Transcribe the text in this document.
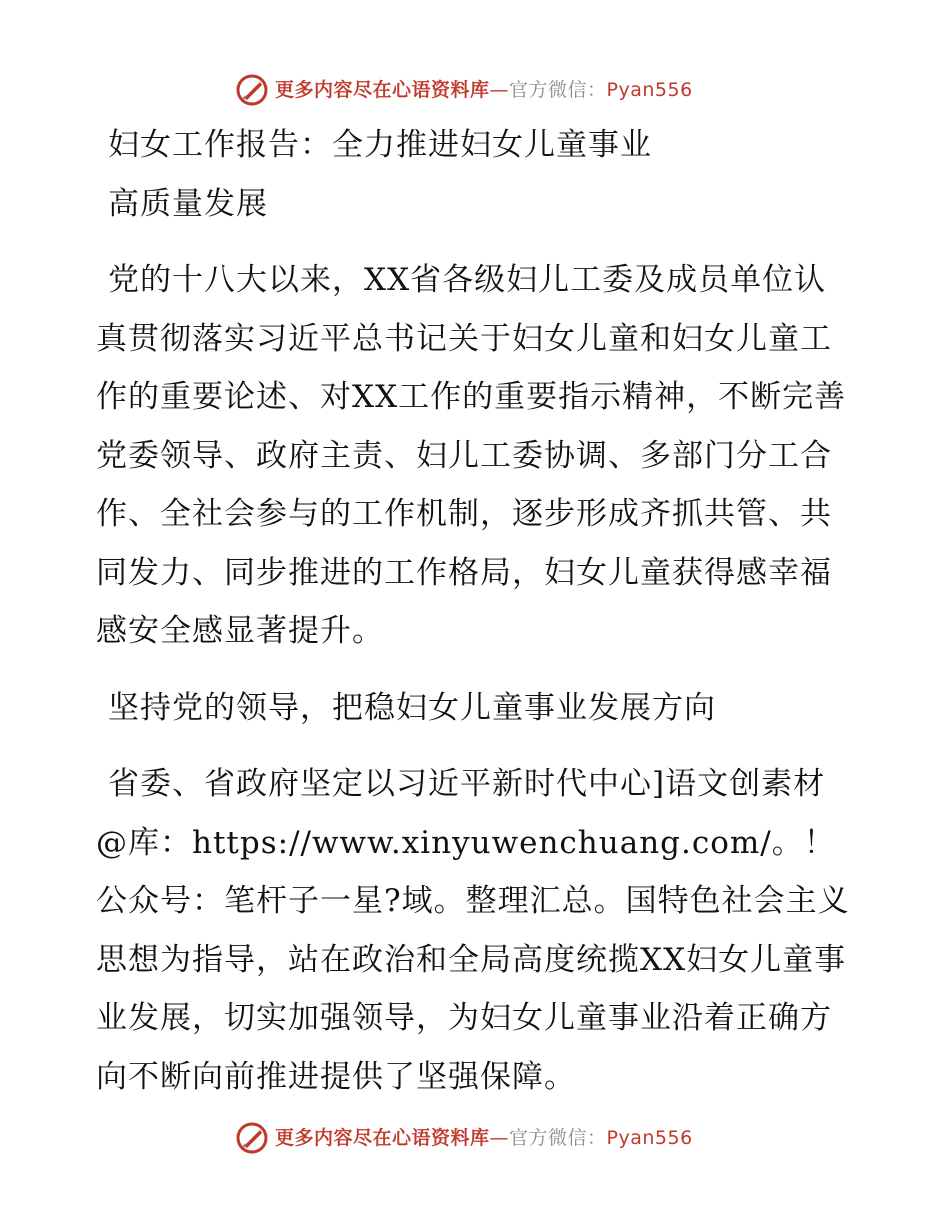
更多内容尽在心语资料库—官方微信：Pyan556

妇女工作报告：全力推进妇女儿童事业

高质量发展

党的十八大以来，XX省各级妇儿工委及成员单位认真贯彻落实习近平总书记关于妇女儿童和妇女儿童工作的重要论述、对XX工作的重要指示精神，不断完善党委领导、政府主责、妇儿工委协调、多部门分工合作、全社会参与的工作机制，逐步形成齐抓共管、共同发力、同步推进的工作格局，妇女儿童获得感幸福感安全感显著提升。

坚持党的领导，把稳妇女儿童事业发展方向

省委、省政府坚定以习近平新时代中心]语文创素材@库：https://www.xinyuwenchuang.com/。！公众号：笔杆子一星?域。整理汇总。国特色社会主义思想为指导，站在政治和全局高度统揽XX妇女儿童事业发展，切实加强领导，为妇女儿童事业沿着正确方向不断向前推进提供了坚强保障。

更多内容尽在心语资料库—官方微信：Pyan556
